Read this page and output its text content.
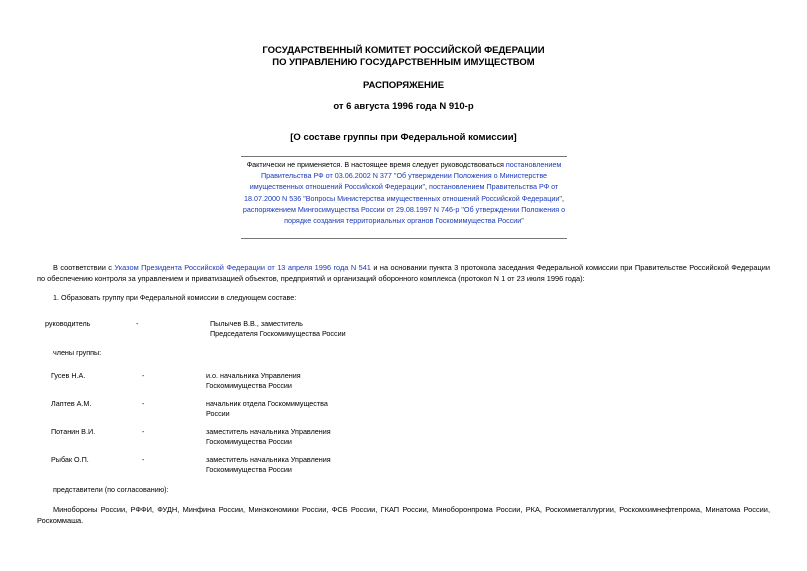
ГОСУДАРСТВЕННЫЙ КОМИТЕТ РОССИЙСКОЙ ФЕДЕРАЦИИ
ПО УПРАВЛЕНИЮ ГОСУДАРСТВЕННЫМ ИМУЩЕСТВОМ
РАСПОРЯЖЕНИЕ
от 6 августа 1996 года N 910-р
[О составе группы при Федеральной комиссии]
Фактически не применяется. В настоящее время следует руководствоваться постановлением Правительства РФ от 03.06.2002 N 377 "Об утверждении Положения о Министерстве имущественных отношений Российской Федерации", постановлением Правительства РФ от 18.07.2000 N 536 "Вопросы Министерства имущественных отношений Российской Федерации", распоряжением Мингосимущества России от 29.08.1997 N 746-р "Об утверждении Положения о порядке создания территориальных органов Госкомимущества России"
В соответствии с Указом Президента Российской Федерации от 13 апреля 1996 года N 541 и на основании пункта 3 протокола заседания Федеральной комиссии при Правительстве Российской Федерации по обеспечению контроля за управлением и приватизацией объектов, предприятий и организаций оборонного комплекса (протокол N 1 от 23 июля 1996 года):
1. Образовать группу при Федеральной комиссии в следующем составе:
руководитель	-	Пылычев В.В., заместитель
Председателя Госкомимущества России
члены группы:
Гусев Н.А.	-	и.о. начальника Управления
Госкомимущества России
Лаптев А.М.	-	начальник отдела Госкомимущества
России
Потанин В.И.	-	заместитель начальника Управления
Госкомимущества России
Рыбак О.П.	-	заместитель начальника Управления
Госкомимущества России
представители (по согласованию):
Минобороны России, РФФИ, ФУДН, Минфина России, Минэкономики России, ФСБ России, ГКАП России, Минобоpонпрома России, РКА, Роскомметаллургии, Роскомхимнефтепрома, Минатома России, Роскоммаша.
